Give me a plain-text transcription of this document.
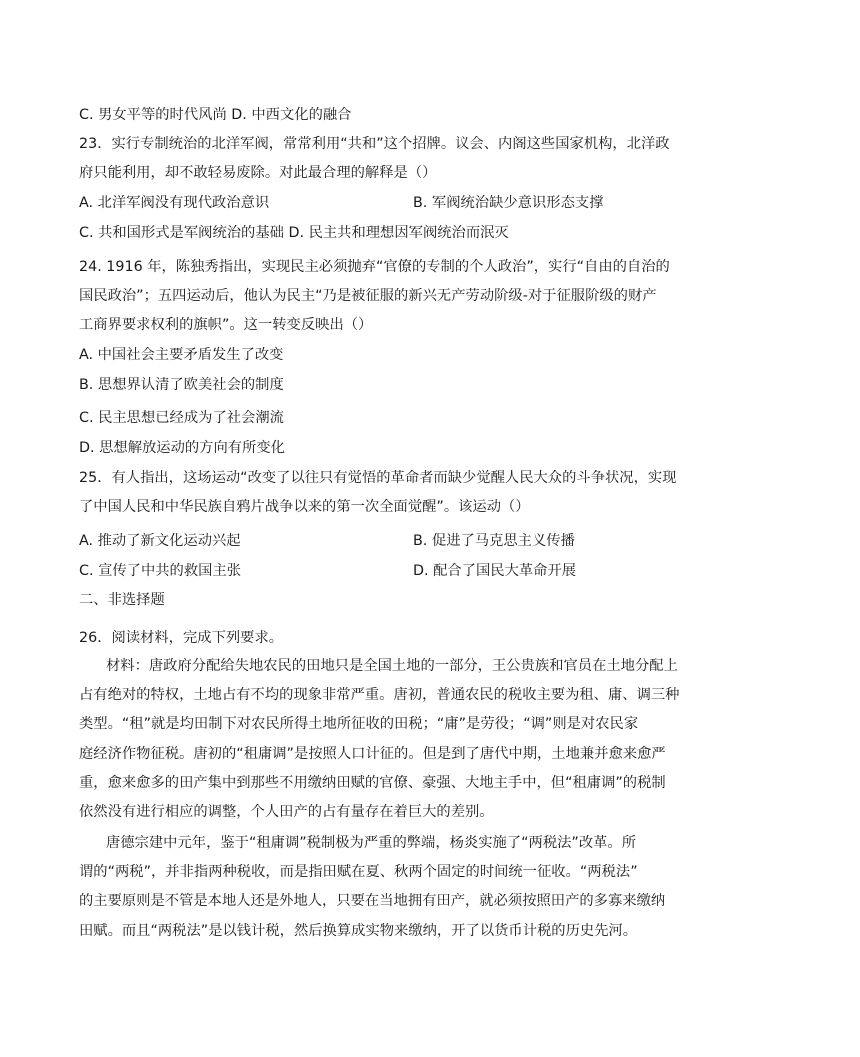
C. 男女平等的时代风尚 D. 中西文化的融合
23．实行专制统治的北洋军阀，常常利用“共和”这个招牌。议会、内阁这些国家机构，北洋政
府只能利用，却不敢轻易废除。对此最合理的解释是（）
A. 北洋军阀没有现代政治意识	B. 军阀统治缺少意识形态支撑
C. 共和国形式是军阀统治的基础 D. 民主共和理想因军阀统治而泯灭
24. 1916 年，陈独秀指出，实现民主必须抛弃“官僚的专制的个人政治”，实行“自由的自治的
国民政治”；五四运动后，他认为民主“乃是被征服的新兴无产劳动阶级-对于征服阶级的财产
工商界要求权利的旗帜”。这一转变反映出（）
A. 中国社会主要矛盾发生了改变
B. 思想界认清了欧美社会的制度
C. 民主思想已经成为了社会潮流
D. 思想解放运动的方向有所变化
25．有人指出，这场运动“改变了以往只有觉悟的革命者而缺少觉醒人民大众的斗争状况，实现
了中国人民和中华民族自鸦片战争以来的第一次全面觉醒”。该运动（）
A. 推动了新文化运动兴起	B. 促进了马克思主义传播
C. 宣传了中共的救国主张	D. 配合了国民大革命开展
二、非选择题
26．阅读材料，完成下列要求。
材料：唐政府分配给失地农民的田地只是全国土地的一部分，王公贵族和官员在土地分配上
占有绝对的特权，土地占有不均的现象非常严重。唐初，普通农民的税收主要为租、庸、调三种
类型。“租”就是均田制下对农民所得土地所征收的田税；“庸”是劳役；“调”则是对农民家
庭经济作物征税。唐初的“租庸调”是按照人口计征的。但是到了唐代中期，土地兼并愈来愈严
重，愈来愈多的田产集中到那些不用缴纳田赋的官僚、豪强、大地主手中，但“租庸调”的税制
依然没有进行相应的调整，个人田产的占有量存在着巨大的差别。
唐德宗建中元年，鉴于“租庸调”税制极为严重的弊端，杨炎实施了“两税法”改革。所
谓的“两税”，并非指两种税收，而是指田赋在夏、秋两个固定的时间统一征收。“两税法”
的主要原则是不管是本地人还是外地人，只要在当地拥有田产，就必须按照田产的多寡来缴纳
田赋。而且“两税法”是以钱计税，然后换算成实物来缴纳，开了以货币计税的历史先河。
